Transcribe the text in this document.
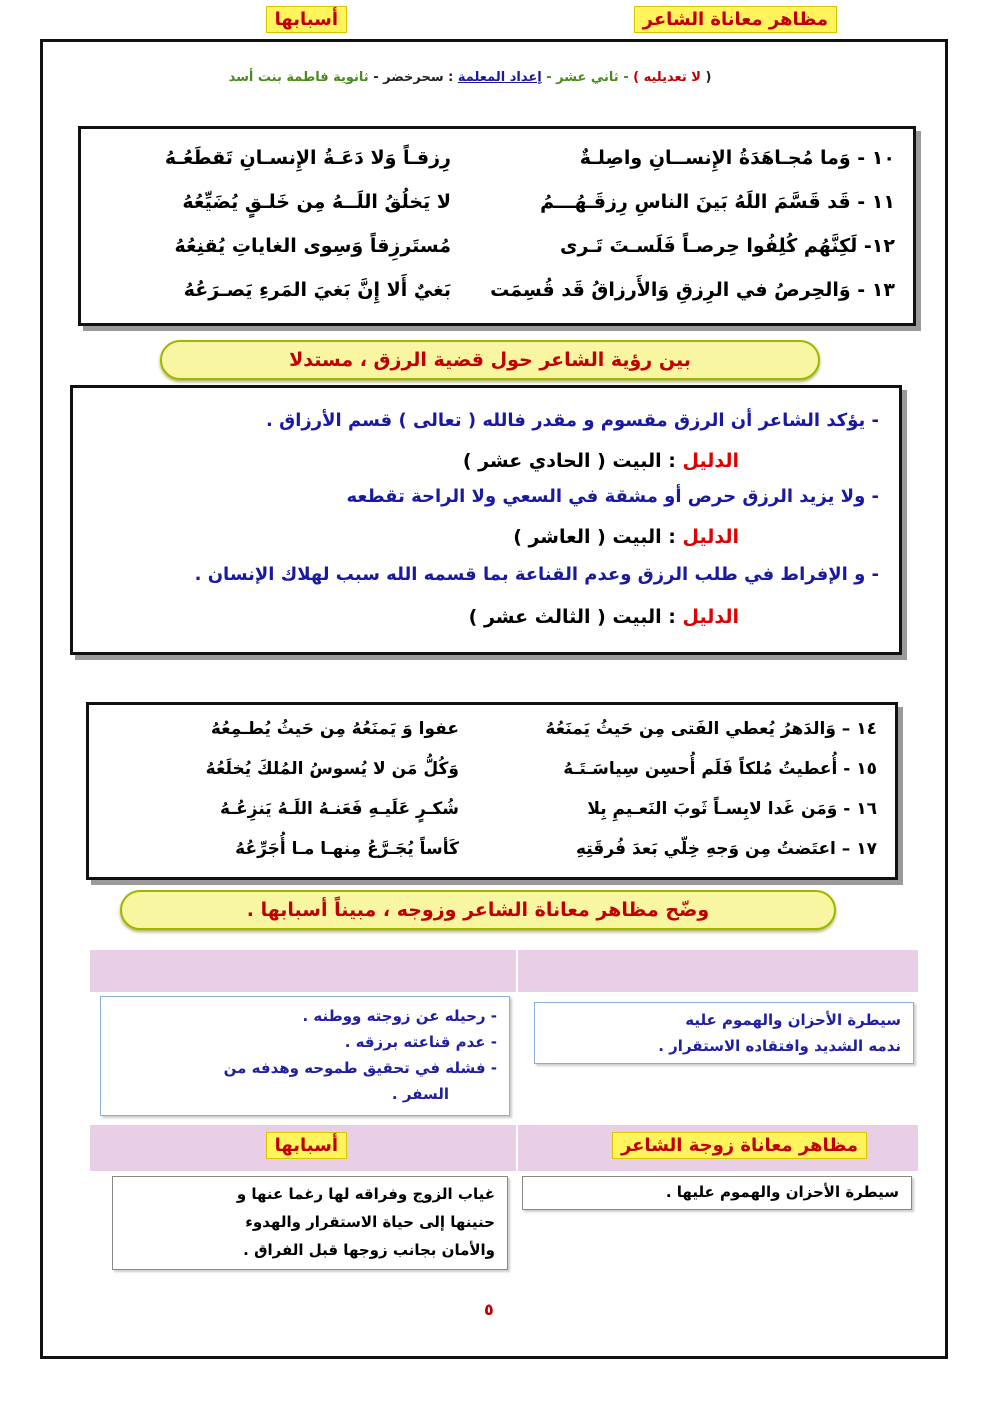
( لا تعديليه ) - ثاني عشر - إعداد المعلمة : سحرخضر - ثانوية فاطمة بنت أسد
١٠ - وَما مُجـاهَدَةُ الإِنســانِ واصِلـةٌ
رِزقـاً وَلا دَعَـةُ الإِنسـانِ تَقطَعُـهُ
١١ - قَد قَسَّمَ اللَهُ بَينَ الناسِ رِزقَـهُـــمُ
لا يَخلُقُ اللَــهُ مِن خَلـقٍ يُضَيِّعُهُ
١٢- لَكِنَّهُم كُلِفُوا حِرصـاً فَلَسـتَ تَـرى
مُستَرزِقاً وَسِوى الغاياتِ يُقنِعُهُ
١٣ - وَالحِرصُ في الرِزقِ وَالأَرزاقُ قَد قُسِمَت
بَغيٌ أَلا إِنَّ بَغيَ المَرءِ يَصـرَعُهُ
بين رؤية الشاعر حول قضية الرزق ، مستدلا
- يؤكد الشاعر أن الرزق مقسوم و مقدر فالله ( تعالى ) قسم الأرزاق .
الدليل : البيت ( الحادي عشر )
- ولا يزيد الرزق حرص أو مشقة في السعي ولا الراحة تقطعه
الدليل : البيت ( العاشر )
- و الإفراط في طلب الرزق وعدم القناعة بما قسمه الله سبب لهلاك الإنسان .
الدليل : البيت ( الثالث عشر )
١٤ – وَالدَهرُ يُعطي الفَتى مِن حَيثُ يَمنَعُهُ
عفوا وَ يَمنَعُهُ مِن حَيثُ يُطـمِعُهُ
١٥ - أُعطيتُ مُلكاً فَلَم أُحسِن سِياسَـتَـهُ
وَكُلُّ مَن لا يُسوسُ المُلكَ يُخلَعُهُ
١٦ - وَمَن غَدا لابِسـاً ثَوبَ النَعـيمِ بِلا
شُكـرٍ عَلَيـهِ فَعَنـهُ اللَـهُ يَنزِعُـهُ
١٧ – اعتَضتُ مِن وَجهِ خِلّي بَعدَ فُرقَتِهِ
كَأساً يُجَـرَّعُ مِنهـا مـا أُجَرِّعُهُ
وضّح مظاهر معاناة الشاعر وزوجه ، مبيناً أسبابها .
مظاهر معاناة الشاعر
أسبابها
سيطرة الأحزان والهموم عليه
ندمه الشديد وافتقاده الاستقرار .
- رحيله عن زوجته ووطنه .
- عدم قناعته برزقه .
- فشله في تحقيق طموحه وهدفه من
السفر .
مظاهر معاناة زوجة الشاعر
أسبابها
سيطرة الأحزان والهموم عليها .
غياب الزوج وفراقه لها رغما عنها و
حنينها إلى حياة الاستقرار والهدوء
والأمان بجانب زوجها قبل الفراق .
٥
